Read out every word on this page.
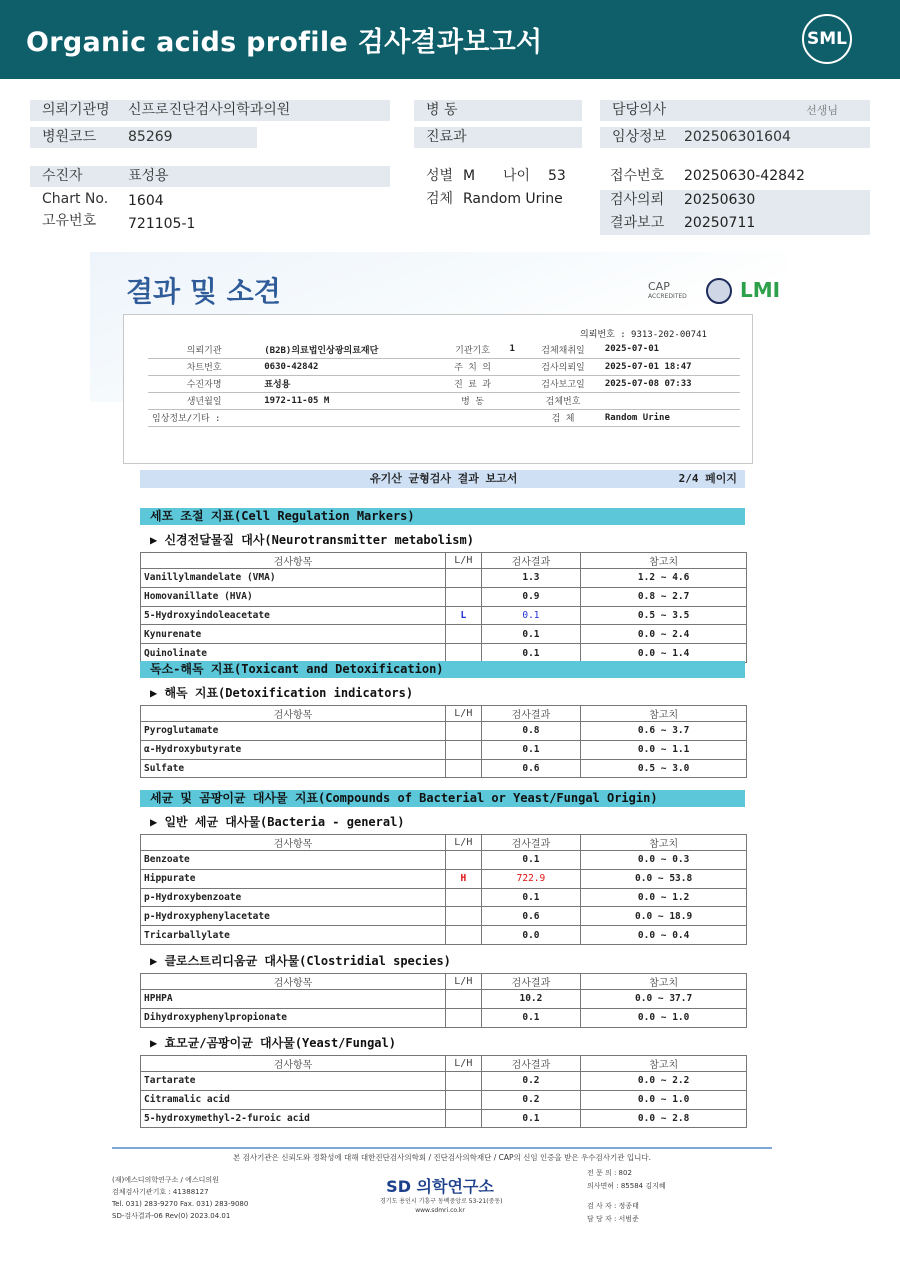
Organic acids profile 검사결과보고서	SML
의뢰기관명 신프로진단검사의학과의원
병원코드 85269
병 동
진료과
담당의사	선생님
임상정보 202506301604
수진자	표성용
Chart No. 1604
고유번호 721105-1
성별 M 나이 53
검체 Random Urine
접수번호 20250630-42842
검사의뢰 20250630
결과보고 20250711
결과 및 소견	CAP
ACCREDITED	LMI
의뢰번호 : 9313-202-00741
의뢰기관	(B2B)의료법인상광의료재단	기관기호	1	검체채취일	2025-07-01
차트번호	0630-42842	주 치 의		검사의뢰일	2025-07-01 18:47
수진자명	표성용	진 료 과		검사보고일	2025-07-08 07:33
생년월일	1972-11-05 M	병 동		검체번호	
임상정보/기타 :				검 체	Random Urine
유기산 균형검사 결과 보고서	2/4 페이지
세포 조절 지표(Cell Regulation Markers)
▶ 신경전달물질 대사(Neurotransmitter metabolism)
검사항목	L/H	검사결과	참고치
Vanillylmandelate (VMA)		1.3	1.2 ~ 4.6
Homovanillate (HVA)		0.9	0.8 ~ 2.7
5-Hydroxyindoleacetate	L	0.1	0.5 ~ 3.5
Kynurenate		0.1	0.0 ~ 2.4
Quinolinate		0.1	0.0 ~ 1.4
독소-해독 지표(Toxicant and Detoxification)
▶ 해독 지표(Detoxification indicators)
검사항목	L/H	검사결과	참고치
Pyroglutamate		0.8	0.6 ~ 3.7
α-Hydroxybutyrate		0.1	0.0 ~ 1.1
Sulfate		0.6	0.5 ~ 3.0
세균 및 곰팡이균 대사물 지표(Compounds of Bacterial or Yeast/Fungal Origin)
▶ 일반 세균 대사물(Bacteria - general)
검사항목	L/H	검사결과	참고치
Benzoate		0.1	0.0 ~ 0.3
Hippurate	H	722.9	0.0 ~ 53.8
p-Hydroxybenzoate		0.1	0.0 ~ 1.2
p-Hydroxyphenylacetate		0.6	0.0 ~ 18.9
Tricarballylate		0.0	0.0 ~ 0.4
▶ 클로스트리디움균 대사물(Clostridial species)
검사항목	L/H	검사결과	참고치
HPHPA		10.2	0.0 ~ 37.7
Dihydroxyphenylpropionate		0.1	0.0 ~ 1.0
▶ 효모균/곰팡이균 대사물(Yeast/Fungal)
검사항목	L/H	검사결과	참고치
Tartarate		0.2	0.0 ~ 2.2
Citramalic acid		0.2	0.0 ~ 1.0
5-hydroxymethyl-2-furoic acid		0.1	0.0 ~ 2.8
본 검사기관은 신뢰도와 정확성에 대해 대한진단검사의학회 / 진단검사의학재단 / CAP의 신임 인증을 받은 우수검사기관 입니다.
(재)에스디의학연구소 / 에스디의원
검체검사기관기호 : 41388127
Tel. 031) 283-9270 Fax. 031) 283-9080
SD-검사결과-06 Rev(0) 2023.04.01
SD 의학연구소
경기도 용인시 기흥구 동백중앙로 53-21(중동)
www.sdmri.co.kr
전 문 의 : 802
의사면허 : 85584 김지혜
검 사 자 : 정종태
담 당 자 : 서범준
